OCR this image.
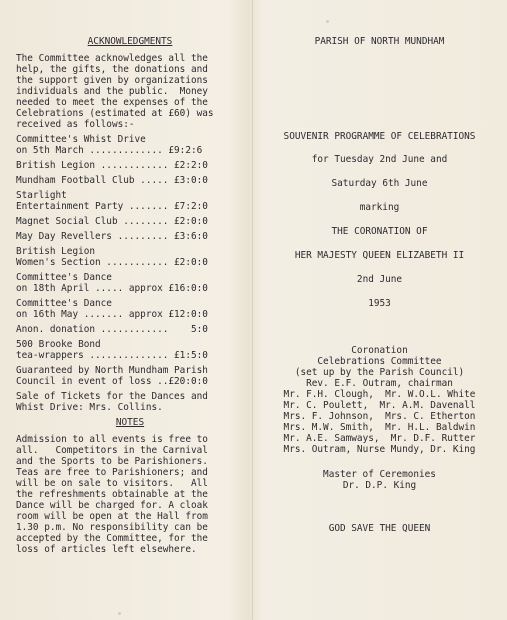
ACKNOWLEDGMENTS

The Committee acknowledges all the
help, the gifts, the donations and
the support given by organizations
individuals and the public.  Money
needed to meet the expenses of the
Celebrations (estimated at £60) was
received as follows:-
Committee's Whist Drive
on 5th March ............. £9:2:6
British Legion ............ £2:2:0
Mundham Football Club ..... £3:0:0
Starlight
Entertainment Party ....... £7:2:0
Magnet Social Club ........ £2:0:0
May Day Revellers ......... £3:6:0
British Legion
Women's Section ........... £2:0:0
Committee's Dance
on 18th April ..... approx £16:0:0
Committee's Dance
on 16th May ....... approx £12:0:0
Anon. donation ............    5:0
500 Brooke Bond
tea-wrappers .............. £1:5:0
Guaranteed by North Mundham Parish
Council in event of loss ..£20:0:0
Sale of Tickets for the Dances and
Whist Drive: Mrs. Collins.

NOTES

Admission to all events is free to
all.   Competitors in the Carnival
and the Sports to be Parishioners.
Teas are free to Parishioners; and
will be on sale to visitors.   All
the refreshments obtainable at the
Dance will be charged for. A cloak
room will be open at the Hall from
1.30 p.m. No responsibility can be
accepted by the Committee, for the
loss of articles left elsewhere.

PARISH OF NORTH MUNDHAM

SOUVENIR PROGRAMME OF CELEBRATIONS

for Tuesday 2nd June and

Saturday 6th June

marking

THE CORONATION OF

HER MAJESTY QUEEN ELIZABETH II

2nd June

1953

Coronation
Celebrations Committee
(set up by the Parish Council)
Rev. E.F. Outram, chairman
Mr. F.H. Clough,  Mr. W.O.L. White
Mr. C. Poulett,  Mr. A.M. Davenall
Mrs. F. Johnson,  Mrs. C. Etherton
Mrs. M.W. Smith,  Mr. H.L. Baldwin
Mr. A.E. Samways,  Mr. D.F. Rutter
Mrs. Outram, Nurse Mundy, Dr. King
Master of Ceremonies
Dr. D.P. King

GOD SAVE THE QUEEN
